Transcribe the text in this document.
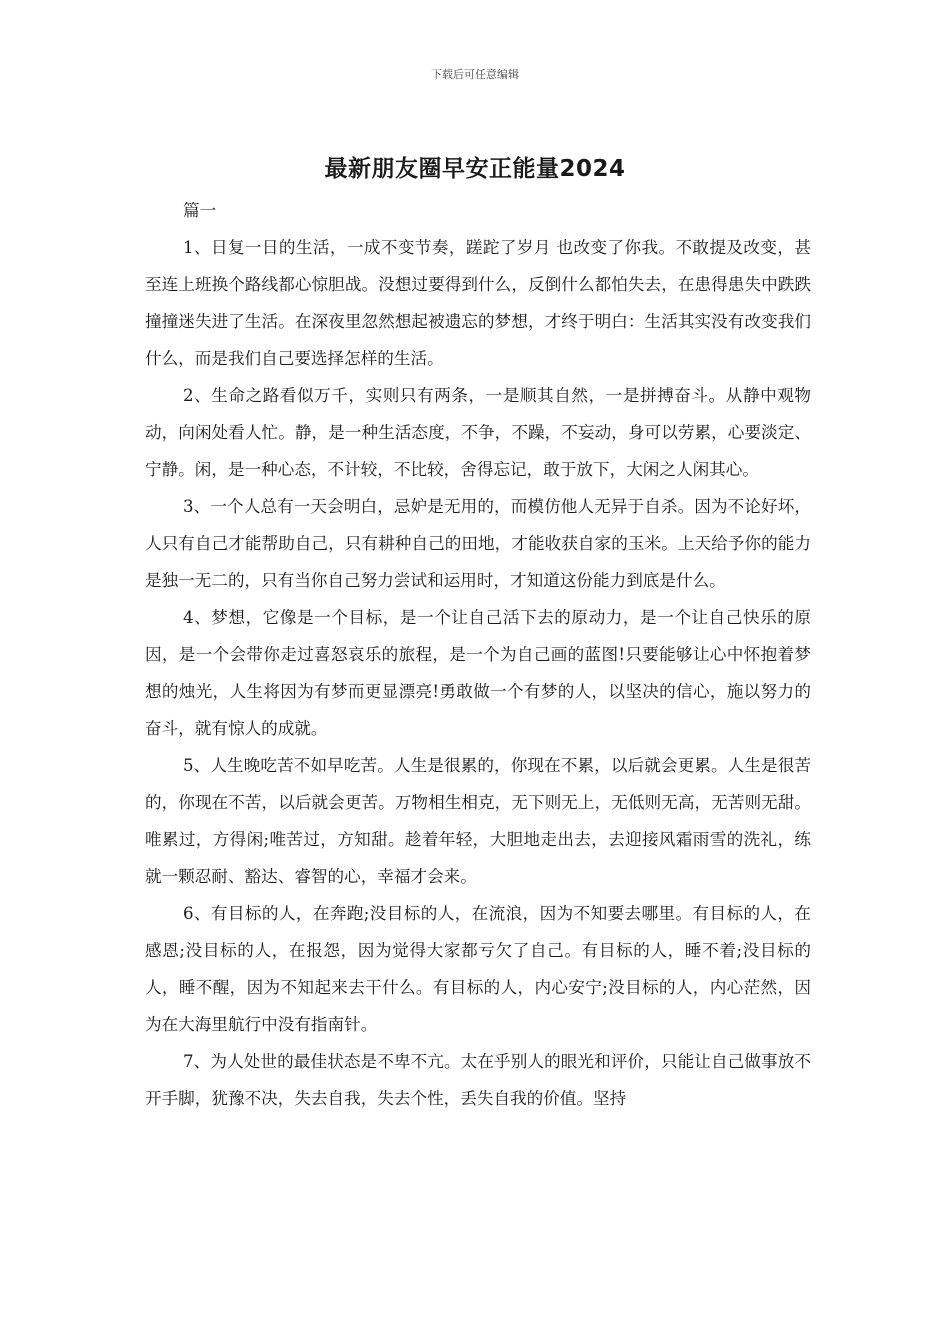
下载后可任意编辑
最新朋友圈早安正能量2024

篇一

1、日复一日的生活，一成不变节奏，蹉跎了岁月 也改变了你我。不敢提及改变，甚至连上班换个路线都心惊胆战。没想过要得到什么，反倒什么都怕失去，在患得患失中跌跌撞撞迷失进了生活。在深夜里忽然想起被遗忘的梦想，才终于明白：生活其实没有改变我们什么，而是我们自己要选择怎样的生活。

2、生命之路看似万千，实则只有两条，一是顺其自然，一是拼搏奋斗。从静中观物动，向闲处看人忙。静，是一种生活态度，不争，不躁，不妄动，身可以劳累，心要淡定、宁静。闲，是一种心态，不计较，不比较，舍得忘记，敢于放下，大闲之人闲其心。

3、一个人总有一天会明白，忌妒是无用的，而模仿他人无异于自杀。因为不论好坏，人只有自己才能帮助自己，只有耕种自己的田地，才能收获自家的玉米。上天给予你的能力是独一无二的，只有当你自己努力尝试和运用时，才知道这份能力到底是什么。

4、梦想，它像是一个目标，是一个让自己活下去的原动力，是一个让自己快乐的原因，是一个会带你走过喜怒哀乐的旅程，是一个为自己画的蓝图!只要能够让心中怀抱着梦想的烛光，人生将因为有梦而更显漂亮!勇敢做一个有梦的人，以坚决的信心，施以努力的奋斗，就有惊人的成就。

5、人生晚吃苦不如早吃苦。人生是很累的，你现在不累，以后就会更累。人生是很苦的，你现在不苦，以后就会更苦。万物相生相克，无下则无上，无低则无高，无苦则无甜。唯累过，方得闲;唯苦过，方知甜。趁着年轻，大胆地走出去，去迎接风霜雨雪的洗礼，练就一颗忍耐、豁达、睿智的心，幸福才会来。

6、有目标的人，在奔跑;没目标的人，在流浪，因为不知要去哪里。有目标的人，在感恩;没目标的人，在报怨，因为觉得大家都亏欠了自己。有目标的人，睡不着;没目标的人，睡不醒，因为不知起来去干什么。有目标的人，内心安宁;没目标的人，内心茫然，因为在大海里航行中没有指南针。

7、为人处世的最佳状态是不卑不亢。太在乎别人的眼光和评价，只能让自己做事放不开手脚，犹豫不决，失去自我，失去个性，丢失自我的价值。坚持
